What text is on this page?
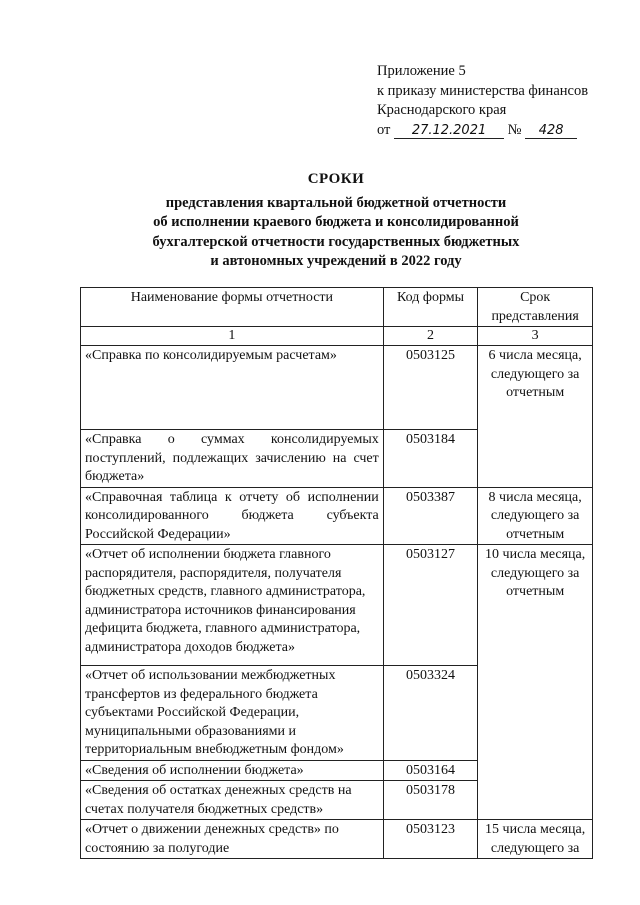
Приложение 5
к приказу министерства финансов
Краснодарского края
от 27.12.2021 № 428
СРОКИ
представления квартальной бюджетной отчетности
об исполнении краевого бюджета и консолидированной
бухгалтерской отчетности государственных бюджетных
и автономных учреждений в 2022 году
Наименование формы отчетности	Код формы	Срок представления
1	2	3
«Справка по консолидируемым расчетам»	0503125	6 числа месяца, следующего за отчетным
«Справка о суммах консолидируемых поступлений, подлежащих зачислению на счет бюджета»	0503184	
«Справочная таблица к отчету об исполнении консолидированного бюджета субъекта Российской Федерации»	0503387	8 числа месяца, следующего за отчетным
«Отчет об исполнении бюджета главного распорядителя, распорядителя, получателя бюджетных средств, главного администратора, администратора источников финансирования дефицита бюджета, главного администратора, администратора доходов бюджета»	0503127	10 числа месяца, следующего за отчетным
«Отчет об использовании межбюджетных трансфертов из федерального бюджета субъектами Российской Федерации, муниципальными образованиями и территориальным внебюджетным фондом»	0503324	
«Сведения об исполнении бюджета»	0503164	
«Сведения об остатках денежных средств на счетах получателя бюджетных средств»	0503178	
«Отчет о движении денежных средств» по состоянию за полугодие	0503123	15 числа месяца, следующего за
